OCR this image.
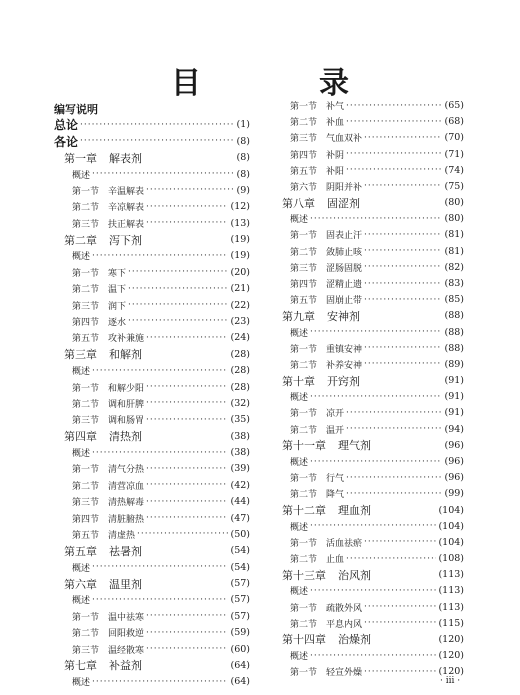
目　录
编写说明
总论 ·····	(1)
各论 ·····	(8)
第一章 解表剂	(8)
概述 ·····	(8)
第一节 辛温解表 ·····	(9)
第二节 辛凉解表 ·····	(12)
第三节 扶正解表 ·····	(13)
第二章 泻下剂	(19)
概述 ·····	(19)
第一节 寒下 ·····	(20)
第二节 温下 ·····	(21)
第三节 润下 ·····	(22)
第四节 逐水 ·····	(23)
第五节 攻补兼施 ·····	(24)
第三章 和解剂	(28)
概述 ·····	(28)
第一节 和解少阳 ·····	(28)
第二节 调和肝脾 ·····	(32)
第三节 调和肠胃 ·····	(35)
第四章 清热剂	(38)
概述 ·····	(38)
第一节 清气分热 ·····	(39)
第二节 清营凉血 ·····	(42)
第三节 清热解毒 ·····	(44)
第四节 清脏腑热 ·····	(47)
第五节 清虚热 ·····	(50)
第五章 祛暑剂	(54)
概述 ·····	(54)
第六章 温里剂	(57)
概述 ·····	(57)
第一节 温中祛寒 ·····	(57)
第二节 回阳救逆 ·····	(59)
第三节 温经散寒 ·····	(60)
第七章 补益剂	(64)
概述 ·····	(64)
第一节 补气 ·····	(65)
第二节 补血 ·····	(68)
第三节 气血双补 ·····	(70)
第四节 补阴 ·····	(71)
第五节 补阳 ·····	(74)
第六节 阴阳并补 ·····	(75)
第八章 固涩剂	(80)
概述 ·····	(80)
第一节 固表止汗 ·····	(81)
第二节 敛肺止咳 ·····	(81)
第三节 涩肠固脱 ·····	(82)
第四节 涩精止遗 ·····	(83)
第五节 固崩止带 ·····	(85)
第九章 安神剂	(88)
概述 ·····	(88)
第一节 重镇安神 ·····	(88)
第二节 补养安神 ·····	(89)
第十章 开窍剂	(91)
概述 ·····	(91)
第一节 凉开 ·····	(91)
第二节 温开 ·····	(94)
第十一章 理气剂	(96)
概述 ·····	(96)
第一节 行气 ·····	(96)
第二节 降气 ·····	(99)
第十二章 理血剂	(104)
概述 ·····	(104)
第一节 活血祛瘀 ·····	(104)
第二节 止血 ·····	(108)
第十三章 治风剂	(113)
概述 ·····	(113)
第一节 疏散外风 ·····	(113)
第二节 平息内风 ·····	(115)
第十四章 治燥剂	(120)
概述 ·····	(120)
第一节 轻宣外燥 ·····	(120)
· iii ·
